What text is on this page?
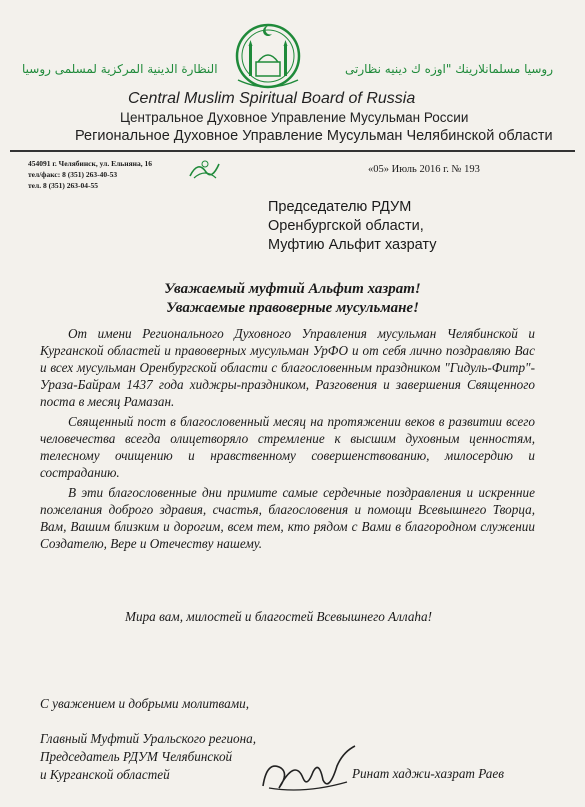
النظارة الدينية المركزية لمسلمى روسيا	روسيا مسلمانلارينك "اوزه ك دينيه نظارتى
Central Muslim Spiritual Board of Russia
Центральное Духовное Управление Мусульман России
Региональное Духовное Управление Мусульман Челябинской области
454091 г. Челябинск, ул. Ельняна, 16
тел/факс: 8 (351) 263-40-53
тел. 8 (351) 263-04-55
«05» Июль 2016 г. № 193
Председателю РДУМ
Оренбургской области,
Муфтию Альфит хазрату
Уважаемый муфтий Альфит хазрат!
Уважаемые правоверные мусульмане!

От имени Регионального Духовного Управления мусульман Челябинской и Курганской областей и правоверных мусульман УрФО и от себя лично поздравляю Вас и всех мусульман Оренбургской области с благословенным праздником "Гидуль-Фитр"- Ураза-Байрам 1437 года хиджры-праздником, Разговения и завершения Священного поста в месяц Рамазан.

Священный пост в благословенный месяц на протяжении веков в развитии всего человечества всегда олицетворяло стремление к высшим духовным ценностям, телесному очищению и нравственному совершенствованию, милосердию и состраданию.

В эти благословенные дни примите самые сердечные поздравления и искренние пожелания доброго здравия, счастья, благословения и помощи Всевышнего Творца, Вам, Вашим близким и дорогим, всем тем, кто рядом с Вами в благородном служении Создателю, Вере и Отечеству нашему.

Мира вам, милостей и благостей Всевышнего Аллаhа!
С уважением и добрыми молитвами,
Главный Муфтий Уральского региона,
Председатель РДУМ Челябинской
и Курганской областей	Ринат хаджи-хазрат Раев
